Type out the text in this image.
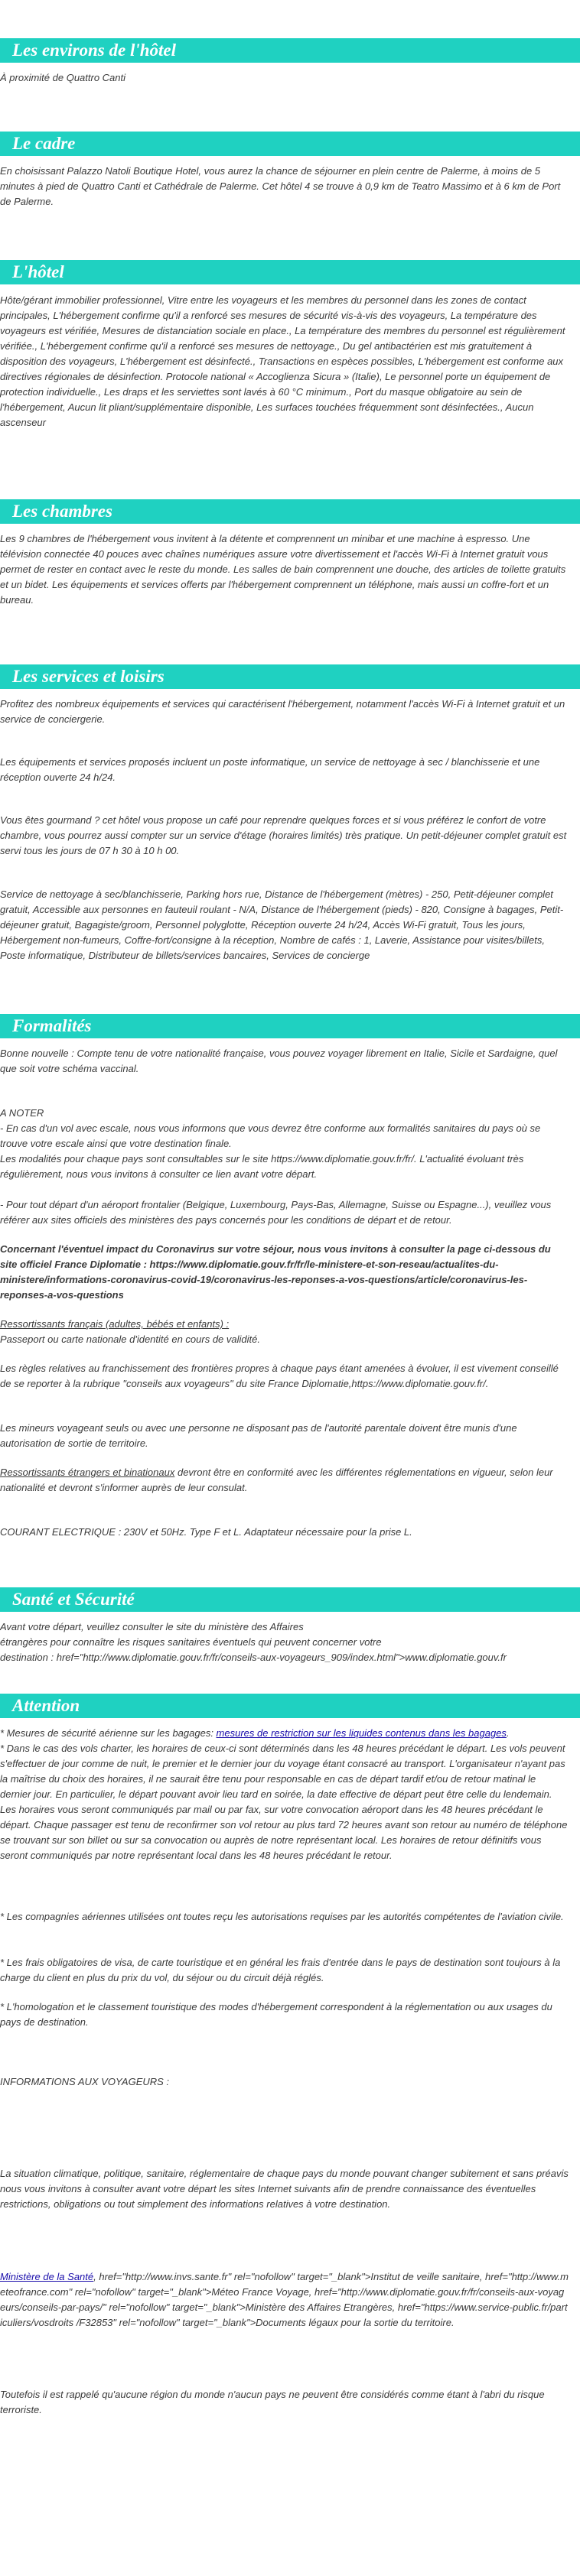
Les environs de l'hôtel
À proximité de Quattro Canti
Le cadre
En choisissant Palazzo Natoli Boutique Hotel, vous aurez la chance de séjourner en plein centre de Palerme, à moins de 5 minutes à pied de Quattro Canti et Cathédrale de Palerme. Cet hôtel 4 se trouve à 0,9 km de Teatro Massimo et à 6 km de Port de Palerme.
L'hôtel
Hôte/gérant immobilier professionnel, Vitre entre les voyageurs et les membres du personnel dans les zones de contact principales, L'hébergement confirme qu'il a renforcé ses mesures de sécurité vis-à-vis des voyageurs, La température des voyageurs est vérifiée, Mesures de distanciation sociale en place., La température des membres du personnel est régulièrement vérifiée., L'hébergement confirme qu'il a renforcé ses mesures de nettoyage., Du gel antibactérien est mis gratuitement à disposition des voyageurs, L'hébergement est désinfecté., Transactions en espèces possibles, L'hébergement est conforme aux directives régionales de désinfection. Protocole national « Accoglienza Sicura » (Italie), Le personnel porte un équipement de protection individuelle., Les draps et les serviettes sont lavés à 60 °C minimum., Port du masque obligatoire au sein de l'hébergement, Aucun lit pliant/supplémentaire disponible, Les surfaces touchées fréquemment sont désinfectées., Aucun ascenseur
Les chambres
Les 9 chambres de l'hébergement vous invitent à la détente et comprennent un minibar et une machine à espresso. Une télévision connectée 40 pouces avec chaînes numériques assure votre divertissement et l'accès Wi-Fi à Internet gratuit vous permet de rester en contact avec le reste du monde. Les salles de bain comprennent une douche, des articles de toilette gratuits et un bidet. Les équipements et services offerts par l'hébergement comprennent un téléphone, mais aussi un coffre-fort et un bureau.
Les services et loisirs
Profitez des nombreux équipements et services qui caractérisent l'hébergement, notamment l'accès Wi-Fi à Internet gratuit et un service de conciergerie.
Les équipements et services proposés incluent un poste informatique, un service de nettoyage à sec / blanchisserie et une réception ouverte 24 h/24.
Vous êtes gourmand ? cet hôtel vous propose un café pour reprendre quelques forces et si vous préférez le confort de votre chambre, vous pourrez aussi compter sur un service d'étage (horaires limités) très pratique. Un petit-déjeuner complet gratuit est servi tous les jours de 07 h 30 à 10 h 00.
Service de nettoyage à sec/blanchisserie, Parking hors rue, Distance de l'hébergement (mètres) - 250, Petit-déjeuner complet gratuit, Accessible aux personnes en fauteuil roulant - N/A, Distance de l'hébergement (pieds) - 820, Consigne à bagages, Petit-déjeuner gratuit, Bagagiste/groom, Personnel polyglotte, Réception ouverte 24 h/24, Accès Wi-Fi gratuit, Tous les jours, Hébergement non-fumeurs, Coffre-fort/consigne à la réception, Nombre de cafés : 1, Laverie, Assistance pour visites/billets, Poste informatique, Distributeur de billets/services bancaires, Services de concierge
Formalités
Bonne nouvelle : Compte tenu de votre nationalité française, vous pouvez voyager librement en Italie, Sicile et Sardaigne, quel que soit votre schéma vaccinal.
A NOTER
- En cas d'un vol avec escale, nous vous informons que vous devrez être conforme aux formalités sanitaires du pays où se trouve votre escale ainsi que votre destination finale.
Les modalités pour chaque pays sont consultables sur le site https://www.diplomatie.gouv.fr/fr/. L'actualité évoluant très régulièrement, nous vous invitons à consulter ce lien avant votre départ.
- Pour tout départ d'un aéroport frontalier (Belgique, Luxembourg, Pays-Bas, Allemagne, Suisse ou Espagne...), veuillez vous référer aux sites officiels des ministères des pays concernés pour les conditions de départ et de retour.
Concernant l'éventuel impact du Coronavirus sur votre séjour, nous vous invitons à consulter la page ci-dessous du site officiel France Diplomatie : https://www.diplomatie.gouv.fr/fr/le-ministere-et-son-reseau/actualites-du-ministere/informations-coronavirus-covid-19/coronavirus-les-reponses-a-vos-questions/article/coronavirus-les-reponses-a-vos-questions
Ressortissants français (adultes, bébés et enfants) :
Passeport ou carte nationale d'identité en cours de validité.
Les règles relatives au franchissement des frontières propres à chaque pays étant amenées à évoluer, il est vivement conseillé de se reporter à la rubrique "conseils aux voyageurs" du site France Diplomatie,https://www.diplomatie.gouv.fr/.
Les mineurs voyageant seuls ou avec une personne ne disposant pas de l'autorité parentale doivent être munis d'une autorisation de sortie de territoire.
Ressortissants étrangers et binationaux devront être en conformité avec les différentes réglementations en vigueur, selon leur nationalité et devront s'informer auprès de leur consulat.
COURANT ELECTRIQUE : 230V et 50Hz. Type F et L. Adaptateur nécessaire pour la prise L.
Santé et Sécurité

Avant votre départ, veuillez consulter le site du ministère des Affaires

étrangères pour connaître les risques sanitaires éventuels qui peuvent concerner votre

destination : href="http://www.diplomatie.gouv.fr/fr/conseils-aux-voyageurs_909/index.html">www.diplomatie.gouv.fr

Attention
* Mesures de sécurité aérienne sur les bagages: mesures de restriction sur les liquides contenus dans les bagages.
* Dans le cas des vols charter, les horaires de ceux-ci sont déterminés dans les 48 heures précédant le départ. Les vols peuvent s'effectuer de jour comme de nuit, le premier et le dernier jour du voyage étant consacré au transport. L'organisateur n'ayant pas la maîtrise du choix des horaires, il ne saurait être tenu pour responsable en cas de départ tardif et/ou de retour matinal le dernier jour. En particulier, le départ pouvant avoir lieu tard en soirée, la date effective de départ peut être celle du lendemain. Les horaires vous seront communiqués par mail ou par fax, sur votre convocation aéroport dans les 48 heures précédant le départ. Chaque passager est tenu de reconfirmer son vol retour au plus tard 72 heures avant son retour au numéro de téléphone se trouvant sur son billet ou sur sa convocation ou auprès de notre représentant local. Les horaires de retour définitifs vous seront communiqués par notre représentant local dans les 48 heures précédant le retour.
* Les compagnies aériennes utilisées ont toutes reçu les autorisations requises par les autorités compétentes de l'aviation civile.
* Les frais obligatoires de visa, de carte touristique et en général les frais d'entrée dans le pays de destination sont toujours à la charge du client en plus du prix du vol, du séjour ou du circuit déjà réglés.
* L'homologation et le classement touristique des modes d'hébergement correspondent à la réglementation ou aux usages du pays de destination.
INFORMATIONS AUX VOYAGEURS :
La situation climatique, politique, sanitaire, réglementaire de chaque pays du monde pouvant changer subitement et sans préavis
nous vous invitons à consulter avant votre départ les sites Internet suivants afin de prendre connaissance des éventuelles restrictions, obligations ou tout simplement des informations relatives à votre destination.
Ministère de la Santé, href="http://www.invs.sante.fr" rel="nofollow" target="_blank">Institut de veille sanitaire, href="http://www.meteofrance.com" rel="nofollow" target="_blank">Méteo France Voyage, href="http://www.diplomatie.gouv.fr/fr/conseils-aux-voyageurs/conseils-par-pays/" rel="nofollow" target="_blank">Ministère des Affaires Etrangères, href="https://www.service-public.fr/particuliers/vosdroits /F32853" rel="nofollow" target="_blank">Documents légaux pour la sortie du territoire.
Toutefois il est rappelé qu'aucune région du monde n'aucun pays ne peuvent être considérés comme étant à l'abri du risque terroriste.
